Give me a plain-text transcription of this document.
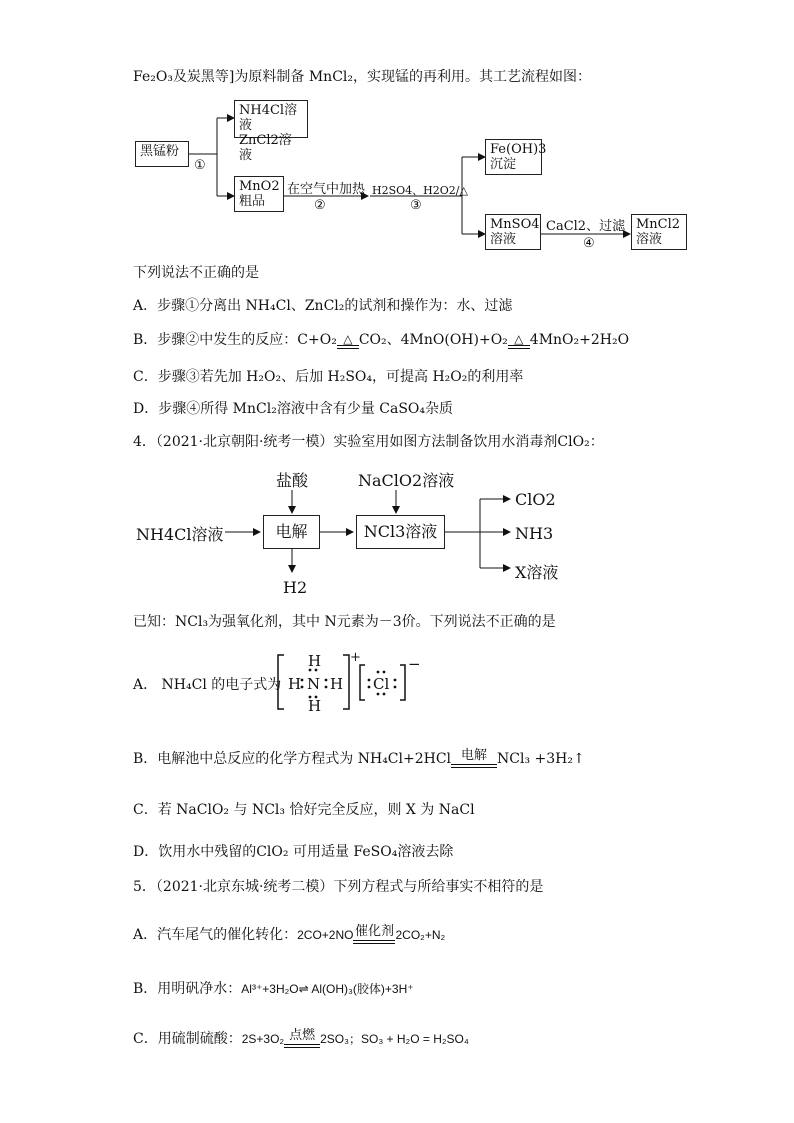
Fe₂O₃及炭黑等]为原料制备 MnCl₂，实现锰的再利用。其工艺流程如图：
黑锰粉
①
NH4Cl溶液
ZnCl2溶液
MnO2
粗品
在空气中加热
②
H2SO4、H2O2/△
③
Fe(OH)3
沉淀
MnSO4
溶液
CaCl2、过滤
④
MnCl2
溶液
下列说法不正确的是
A．步骤①分离出 NH₄Cl、ZnCl₂的试剂和操作为：水、过滤
B．步骤②中发生的反应：C+O₂ △ CO₂、4MnO(OH)+O₂ △ 4MnO₂+2H₂O
C．步骤③若先加 H₂O₂、后加 H₂SO₄，可提高 H₂O₂的利用率
D．步骤④所得 MnCl₂溶液中含有少量 CaSO₄杂质
4．（2021·北京朝阳·统考一模）实验室用如图方法制备饮用水消毒剂ClO₂：
盐酸	NaClO2溶液
NH4Cl溶液	电解	NCl3溶液
H2
ClO2
NH3
X溶液
已知：NCl₃为强氧化剂，其中 N元素为－3价。下列说法不正确的是
A． NH₄Cl 的电子式为
H
H N H
H
+
Cl
−
B．电解池中总反应的化学方程式为 NH₄Cl+2HCl 电解 NCl₃ +3H₂↑
C．若 NaClO₂ 与 NCl₃ 恰好完全反应，则 X 为 NaCl
D．饮用水中残留的ClO₂ 可用适量 FeSO₄溶液去除
5．（2021·北京东城·统考二模）下列方程式与所给事实不相符的是
A．汽车尾气的催化转化：2CO+2NO 催化剂 2CO₂+N₂
B．用明矾净水：Al³⁺+3H₂O⇌ Al(OH)₃(胶体)+3H⁺
C．用硫制硫酸：2S+3O₂ 点燃 2SO₃；SO₃ + H₂O = H₂SO₄
